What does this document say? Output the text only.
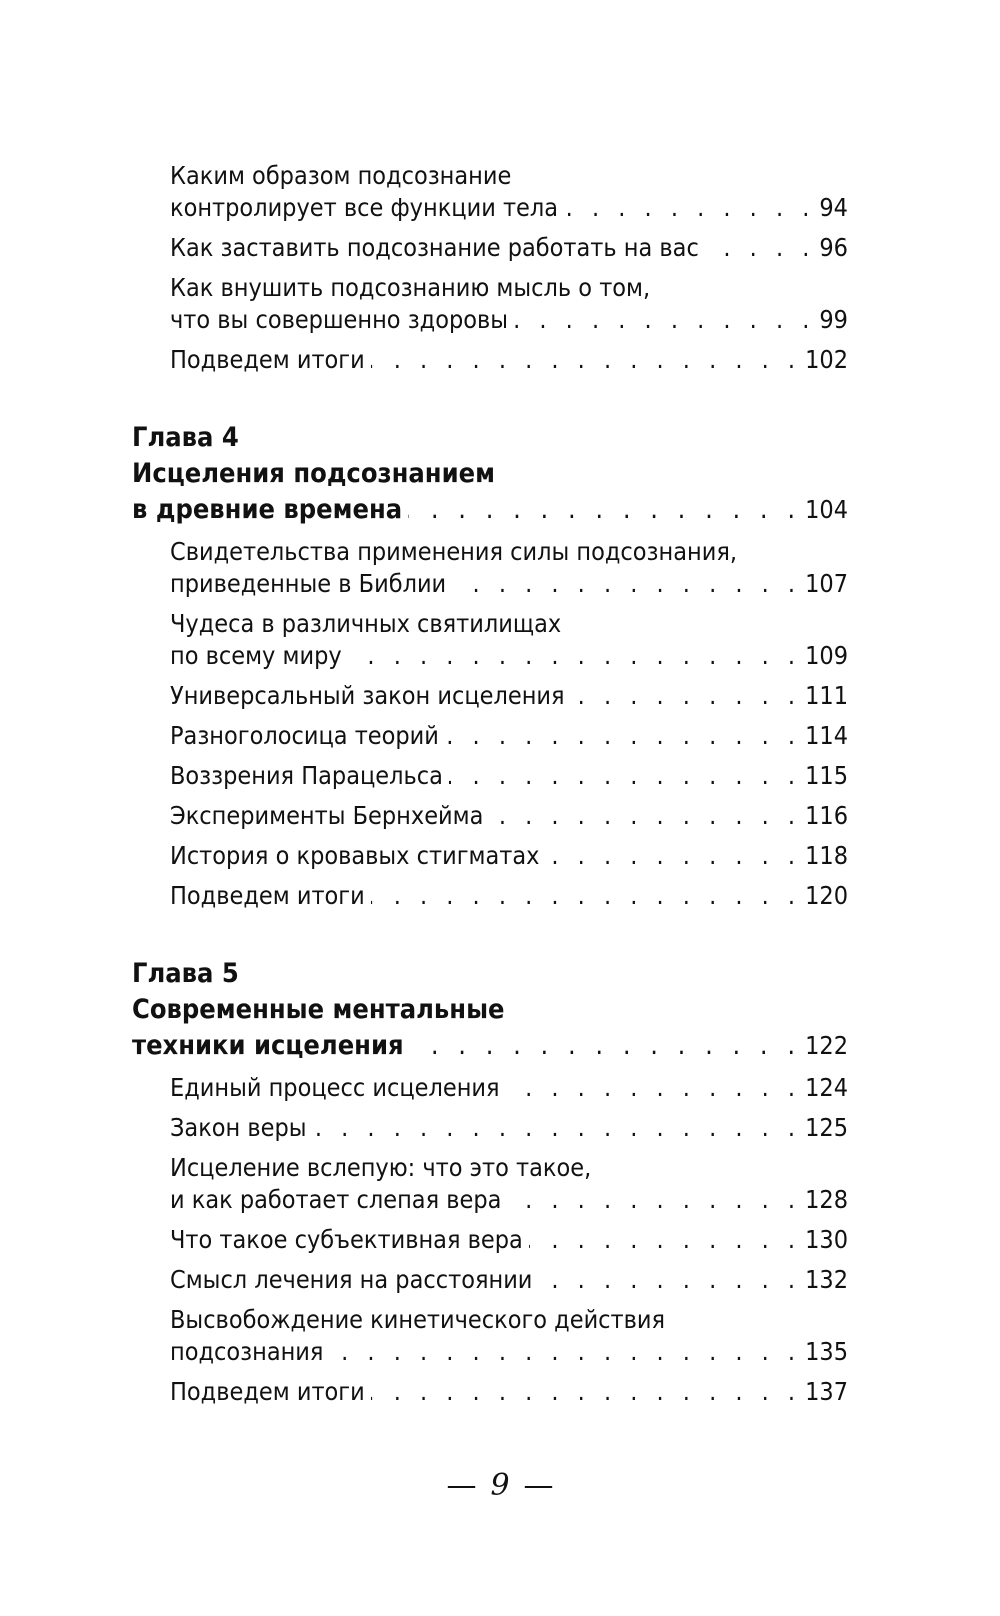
Каким образом подсознание
контролирует все функции тела . . .	94
Как заставить подсознание работать на вас . . .	96
Как внушить подсознанию мысль о том,
что вы совершенно здоровы . . .	99
Подведем итоги . . .	102
Глава 4
Исцеления подсознанием
в древние времена . . .	104
Свидетельства применения силы подсознания,
приведенные в Библии . . .	107
Чудеса в различных святилищах
по всему миру . . .	109
Универсальный закон исцеления . . .	111
Разноголосица теорий . . .	114
Воззрения Парацельса . . .	115
Эксперименты Бернхейма . . .	116
История о кровавых стигматах . . .	118
Подведем итоги . . .	120
Глава 5
Современные ментальные
техники исцеления . . .	122
Единый процесс исцеления . . .	124
Закон веры . . .	125
Исцеление вслепую: что это такое,
и как работает слепая вера . . .	128
Что такое субъективная вера . . .	130
Смысл лечения на расстоянии . . .	132
Высвобождение кинетического действия
подсознания . . .	135
Подведем итоги . . .	137
— 9 —
